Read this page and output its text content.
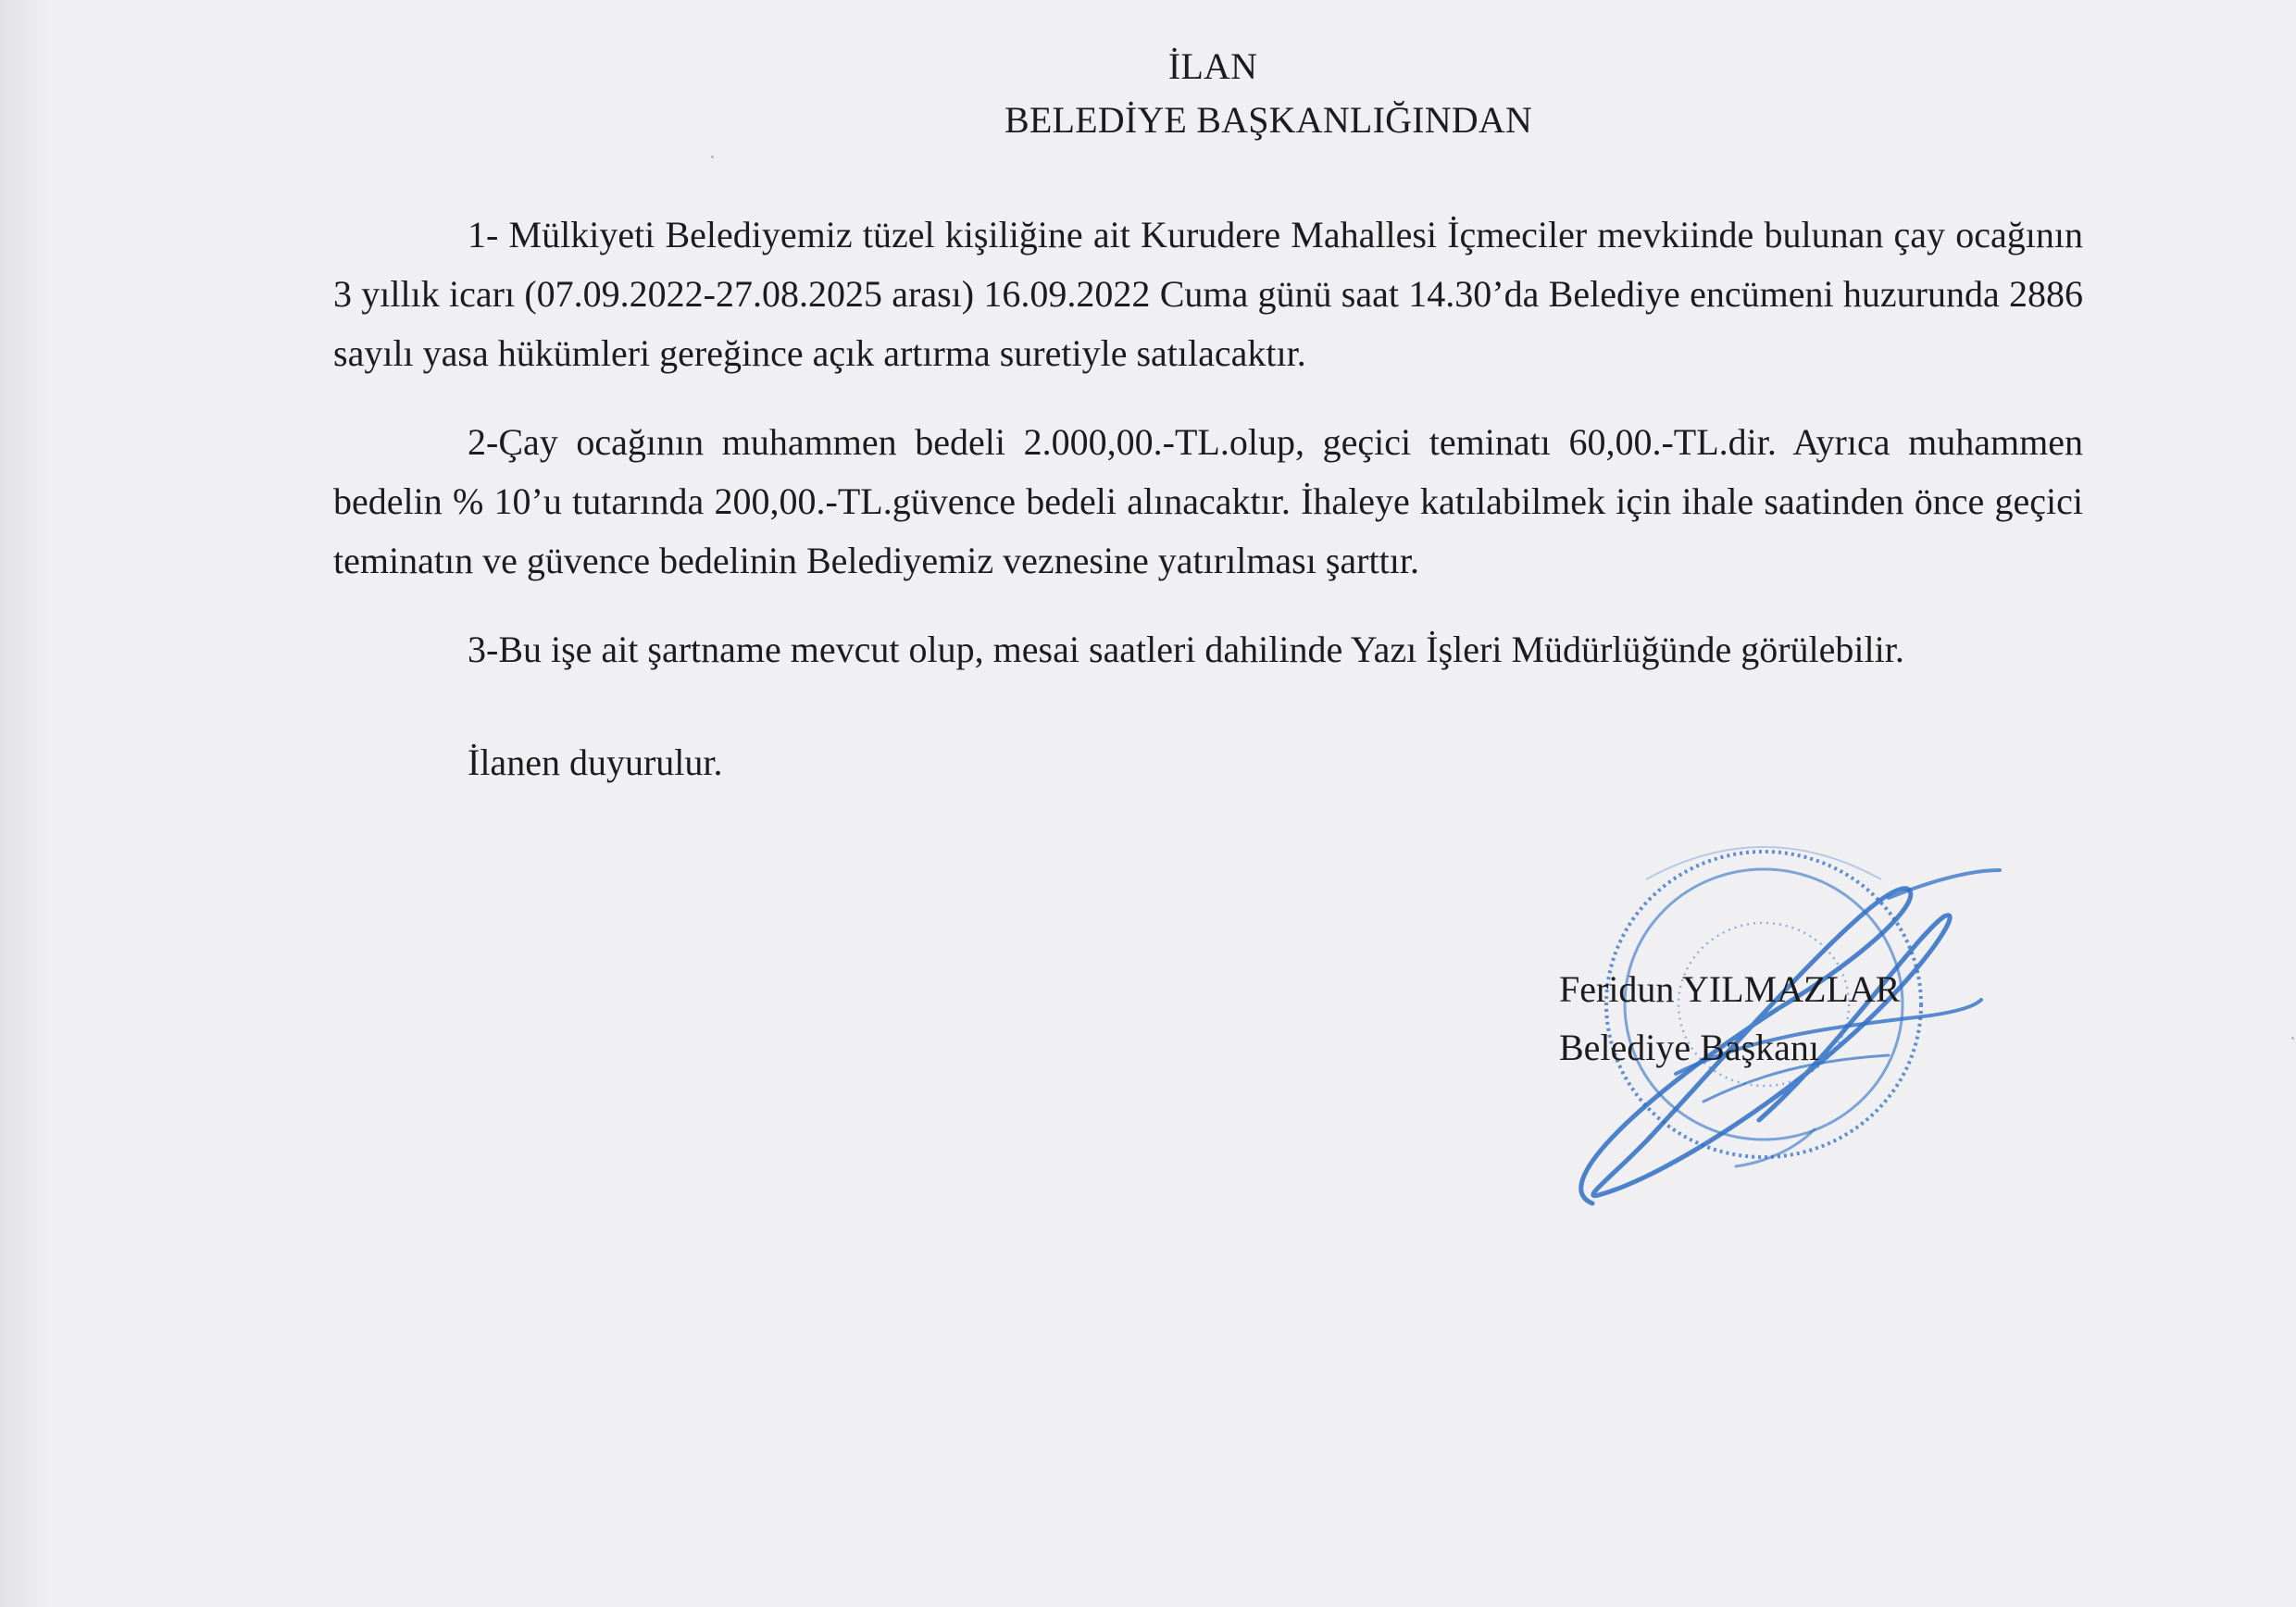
İLAN
BELEDİYE BAŞKANLIĞINDAN

1- Mülkiyeti Belediyemiz tüzel kişiliğine ait Kurudere Mahallesi İçmeciler mevkiinde bulunan çay ocağının 3 yıllık icarı (07.09.2022-27.08.2025 arası) 16.09.2022 Cuma günü saat 14.30’da Belediye encümeni huzurunda 2886 sayılı yasa hükümleri gereğince açık artırma suretiyle satılacaktır.

2-Çay ocağının muhammen bedeli 2.000,00.-TL.olup, geçici teminatı 60,00.-TL.dir. Ayrıca muhammen bedelin % 10’u tutarında 200,00.-TL.güvence bedeli alınacaktır. İhaleye katılabilmek için ihale saatinden önce geçici teminatın ve güvence bedelinin Belediyemiz veznesine yatırılması şarttır.

3-Bu işe ait şartname mevcut olup, mesai saatleri dahilinde Yazı İşleri Müdürlüğünde görülebilir.

İlanen duyurulur.
Feridun YILMAZLAR
Belediye Başkanı
